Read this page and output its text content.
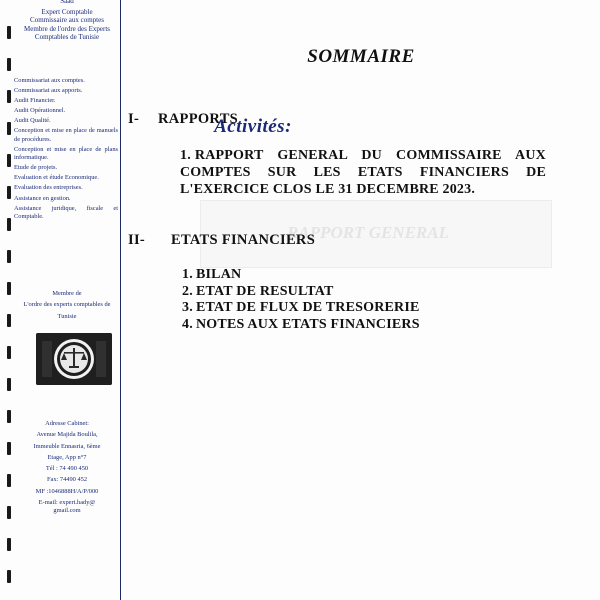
Saad
Expert Comptable
Commissaire aux comptes
Membre de l'ordre des Experts
Comptables de Tunisie
Activités:
Commissariat aux comptes.
Commissariat aux apports.
Audit Financier.
Audit Opérationnel.
Audit Qualité.
Conception et mise en place de manuels de procédures.
Conception et mise en place de plans informatique.
Etude de projets.
Evaluation et étude Economique.
Evaluation des entreprises.
Assistance en gestion.
Assistance juridique, fiscale et Comptable.
Membre de
L'ordre des experts comptables de
Tunisie
Adresse Cabinet:
Avenue Majida Boulila,
Immeuble Ennasria, 6ème
Etage, App n°7
Tél : 74 490 450
Fax: 74490 452
MF :1046888H/A/P/000
E-mail: expert.hady@
gmail.com
SOMMAIRE
I- RAPPORTS
1. RAPPORT GENERAL DU COMMISSAIRE AUX COMPTES SUR LES ETATS FINANCIERS DE L'EXERCICE CLOS LE 31 DECEMBRE 2023.
RAPPORT GENERAL
II- ETATS FINANCIERS
1. BILAN
2. ETAT DE RESULTAT
3. ETAT DE FLUX DE TRESORERIE
4. NOTES AUX ETATS FINANCIERS
